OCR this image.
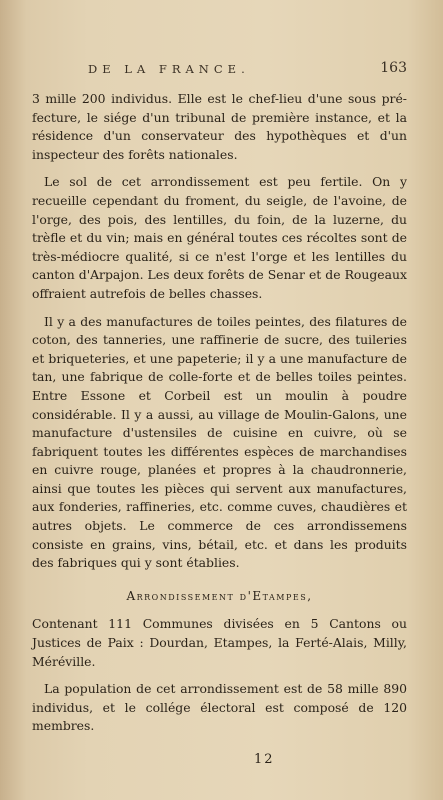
DE LA FRANCE.	163

3 mille 200 individus. Elle est le chef-lieu d'une sous pré- fecture, le siége d'un tribunal de première instance, et la résidence d'un conservateur des hypothèques et d'un inspecteur des forêts nationales.

Le sol de cet arrondissement est peu fertile. On y recueille cependant du froment, du seigle, de l'avoine, de l'orge, des pois, des lentilles, du foin, de la luzerne, du trèfle et du vin; mais en général toutes ces récoltes sont de très-médiocre qualité, si ce n'est l'orge et les lentilles du canton d'Arpajon. Les deux forêts de Senar et de Rougeaux offraient autrefois de belles chasses.

Il y a des manufactures de toiles peintes, des filatures de coton, des tanneries, une raffinerie de sucre, des tuileries et briqueteries, et une papeterie; il y a une manufacture de tan, une fabrique de colle-forte et de belles toiles peintes. Entre Essone et Corbeil est un moulin à poudre considérable. Il y a aussi, au village de Moulin-Galons, une manufacture d'ustensiles de cuisine en cuivre, où se fabriquent toutes les différentes espèces de marchandises en cuivre rouge, planées et propres à la chaudronnerie, ainsi que toutes les pièces qui servent aux manufactures, aux fonderies, raffineries, etc. comme cuves, chaudières et autres objets. Le commerce de ces arrondissemens consiste en grains, vins, bétail, etc. et dans les produits des fabriques qui y sont établies.

Arrondissement d'Etampes,

Contenant 111 Communes divisées en 5 Cantons ou Justices de Paix : Dourdan, Etampes, la Ferté-Alais, Milly, Méréville.

La population de cet arrondissement est de 58 mille 890 individus, et le collége électoral est composé de 120 membres.

12
